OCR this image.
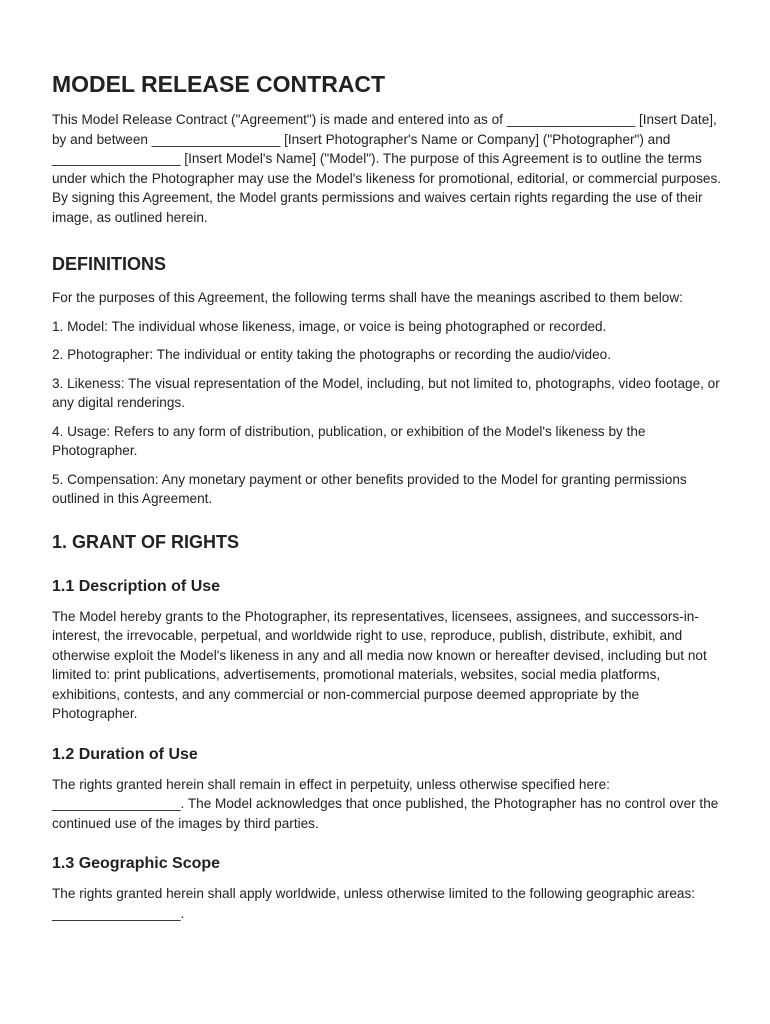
MODEL RELEASE CONTRACT

This Model Release Contract ("Agreement") is made and entered into as of _________________ [Insert Date], by and between _________________ [Insert Photographer's Name or Company] ("Photographer") and _________________ [Insert Model's Name] ("Model"). The purpose of this Agreement is to outline the terms under which the Photographer may use the Model's likeness for promotional, editorial, or commercial purposes. By signing this Agreement, the Model grants permissions and waives certain rights regarding the use of their image, as outlined herein.

DEFINITIONS

For the purposes of this Agreement, the following terms shall have the meanings ascribed to them below:

1. Model: The individual whose likeness, image, or voice is being photographed or recorded.

2. Photographer: The individual or entity taking the photographs or recording the audio/video.

3. Likeness: The visual representation of the Model, including, but not limited to, photographs, video footage, or any digital renderings.

4. Usage: Refers to any form of distribution, publication, or exhibition of the Model's likeness by the Photographer.

5. Compensation: Any monetary payment or other benefits provided to the Model for granting permissions outlined in this Agreement.

1. GRANT OF RIGHTS
1.1 Description of Use

The Model hereby grants to the Photographer, its representatives, licensees, assignees, and successors-in-interest, the irrevocable, perpetual, and worldwide right to use, reproduce, publish, distribute, exhibit, and otherwise exploit the Model's likeness in any and all media now known or hereafter devised, including but not limited to: print publications, advertisements, promotional materials, websites, social media platforms, exhibitions, contests, and any commercial or non-commercial purpose deemed appropriate by the Photographer.

1.2 Duration of Use

The rights granted herein shall remain in effect in perpetuity, unless otherwise specified here: _________________. The Model acknowledges that once published, the Photographer has no control over the continued use of the images by third parties.

1.3 Geographic Scope

The rights granted herein shall apply worldwide, unless otherwise limited to the following geographic areas: _________________.
